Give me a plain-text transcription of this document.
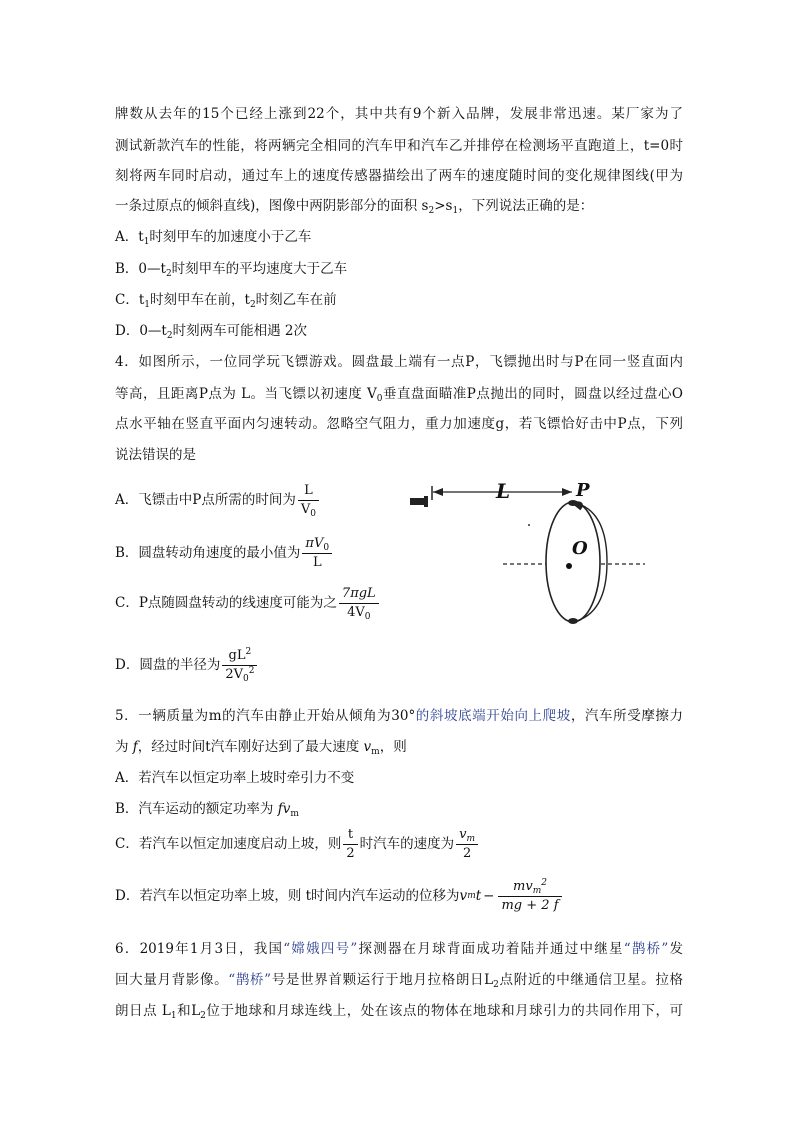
牌数从去年的15个已经上涨到22个，其中共有9个新入品牌，发展非常迅速。某厂家为了
测试新款汽车的性能，将两辆完全相同的汽车甲和汽车乙并排停在检测场平直跑道上，t=0时
刻将两车同时启动，通过车上的速度传感器描绘出了两车的速度随时间的变化规律图线(甲为
一条过原点的倾斜直线)，图像中两阴影部分的面积 $s_2>s_1$，下列说法正确的是：
A．$t_1$时刻甲车的加速度小于乙车
B．$0—t_2$时刻甲车的平均速度大于乙车
C．$t_1$时刻甲车在前，$t_2$时刻乙车在前
D．$0—t_2$时刻两车可能相遇 2次
4．如图所示，一位同学玩飞镖游戏。圆盘最上端有一点P，飞镖抛出时与P在同一竖直面内
等高，且距离P点为 L。当飞镖以初速度 $V_0$垂直盘面瞄准P点抛出的同时，圆盘以经过盘心O
点水平轴在竖直平面内匀速转动。忽略空气阻力，重力加速度g，若飞镖恰好击中P点，下列
说法错误的是
A．飞镖击中P点所需的时间为 $\frac{L}{V_0}$
B．圆盘转动角速度的最小值为 $\frac{\pi V_0}{L}$
C．P点随圆盘转动的线速度可能为之 $\frac{\text{7πgL}}{4V_0}$
D．圆盘的半径为 $\frac{gL^2}{2V_0^2}$
L	P
O
5．一辆质量为m的汽车由静止开始从倾角为30°的斜坡底端开始向上爬坡，汽车所受摩擦力
为 f，经过时间t汽车刚好达到了最大速度 $v_m$，则
A．若汽车以恒定功率上坡时牵引力不变
B．汽车运动的额定功率为 $fv_m$
C．若汽车以恒定加速度启动上坡，则 $\frac{t}{2}$ 时汽车的速度为 $\frac{v_m}{2}$
D．若汽车以恒定功率上坡，则 t时间内汽车运动的位移为 v m $t - \frac{mv_m^2}{mg + 2 f}$
6．2019年1月3日，我国“嫦娥四号”探测器在月球背面成功着陆并通过中继星“鹊桥”发
回大量月背影像。“鹊桥”号是世界首颗运行于地月拉格朗日$L_2$点附近的中继通信卫星。拉格
朗日点 $L_1$和$L_2$位于地球和月球连线上，处在该点的物体在地球和月球引力的共同作用下，可
